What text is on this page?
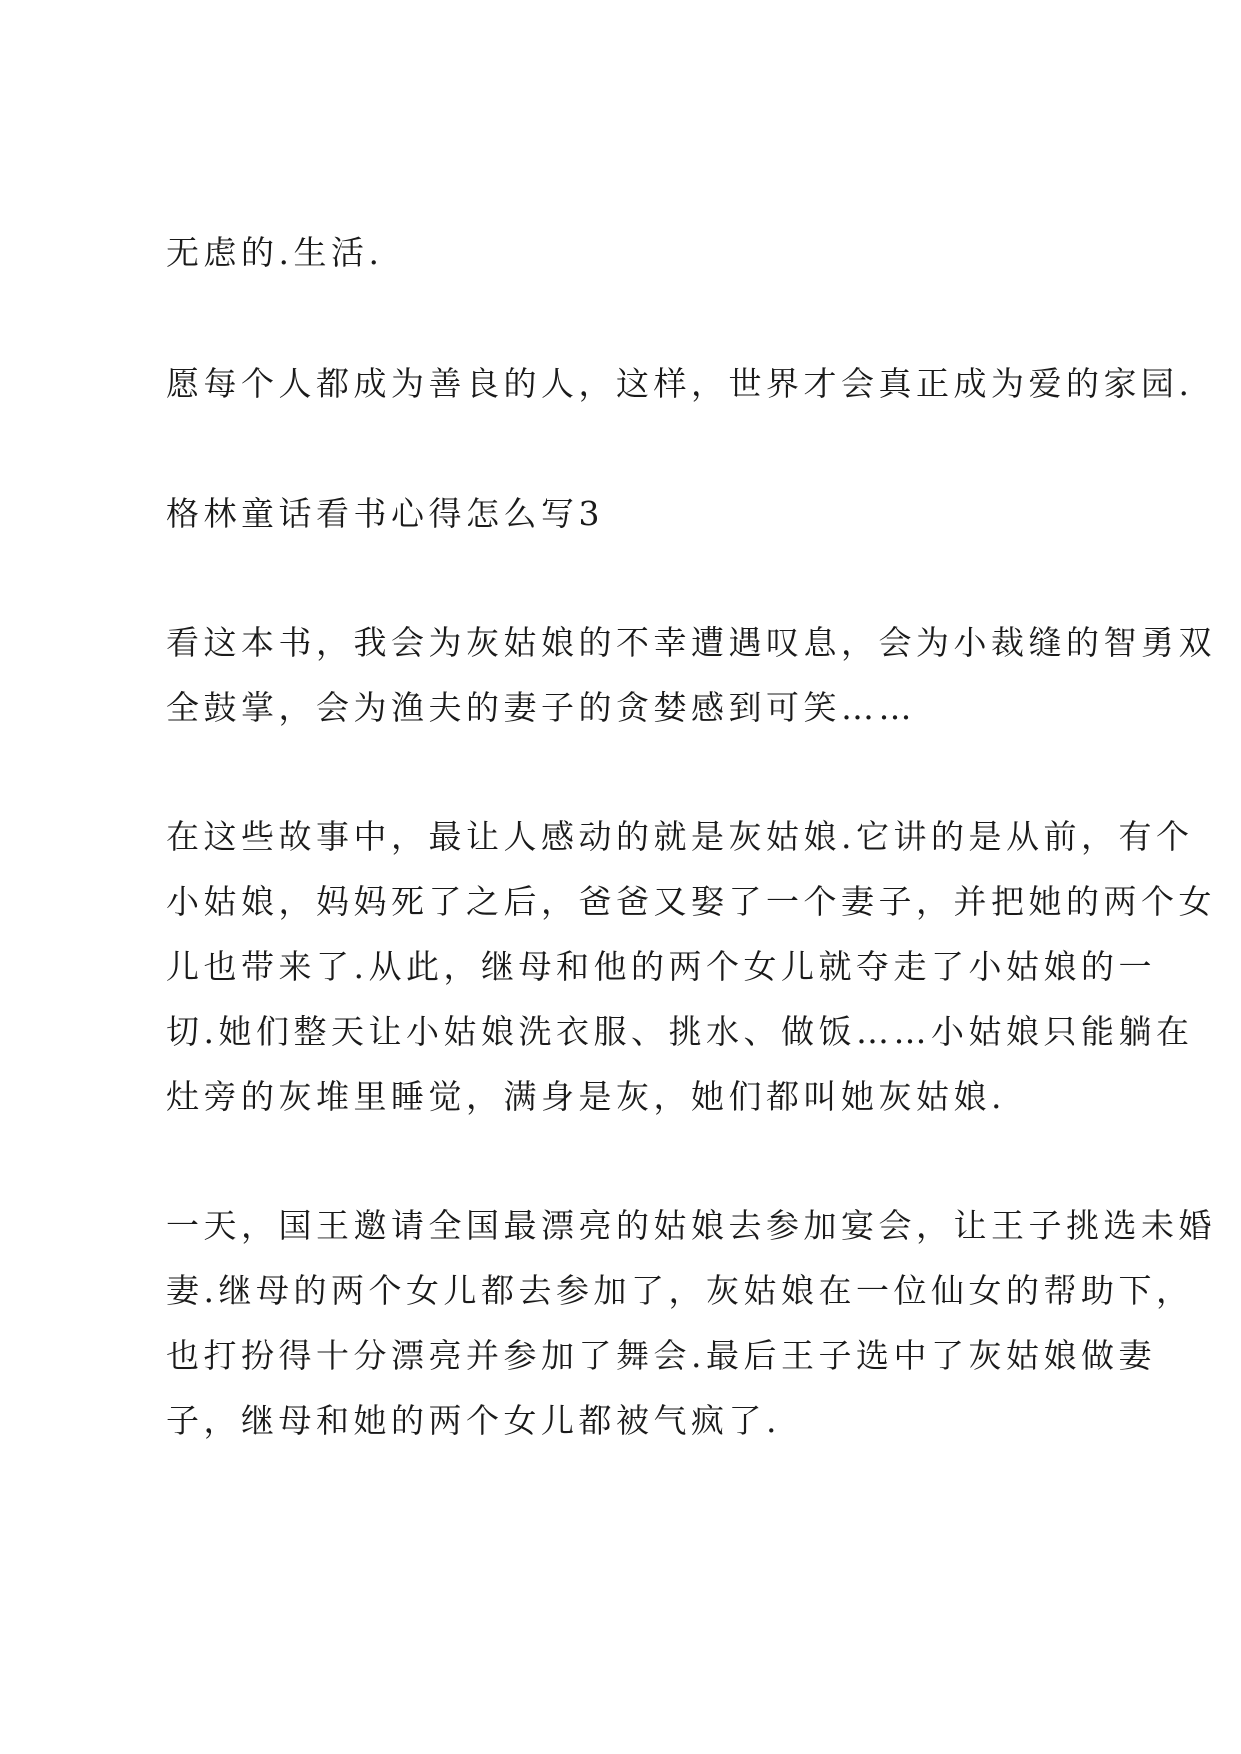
无虑的.生活.
愿每个人都成为善良的人，这样，世界才会真正成为爱的家园.
格林童话看书心得怎么写3
看这本书，我会为灰姑娘的不幸遭遇叹息，会为小裁缝的智勇双
全鼓掌，会为渔夫的妻子的贪婪感到可笑……
在这些故事中，最让人感动的就是灰姑娘.它讲的是从前，有个
小姑娘，妈妈死了之后，爸爸又娶了一个妻子，并把她的两个女
儿也带来了.从此，继母和他的两个女儿就夺走了小姑娘的一
切.她们整天让小姑娘洗衣服、挑水、做饭……小姑娘只能躺在
灶旁的灰堆里睡觉，满身是灰，她们都叫她灰姑娘.
一天，国王邀请全国最漂亮的姑娘去参加宴会，让王子挑选未婚
妻.继母的两个女儿都去参加了，灰姑娘在一位仙女的帮助下，
也打扮得十分漂亮并参加了舞会.最后王子选中了灰姑娘做妻
子，继母和她的两个女儿都被气疯了.
